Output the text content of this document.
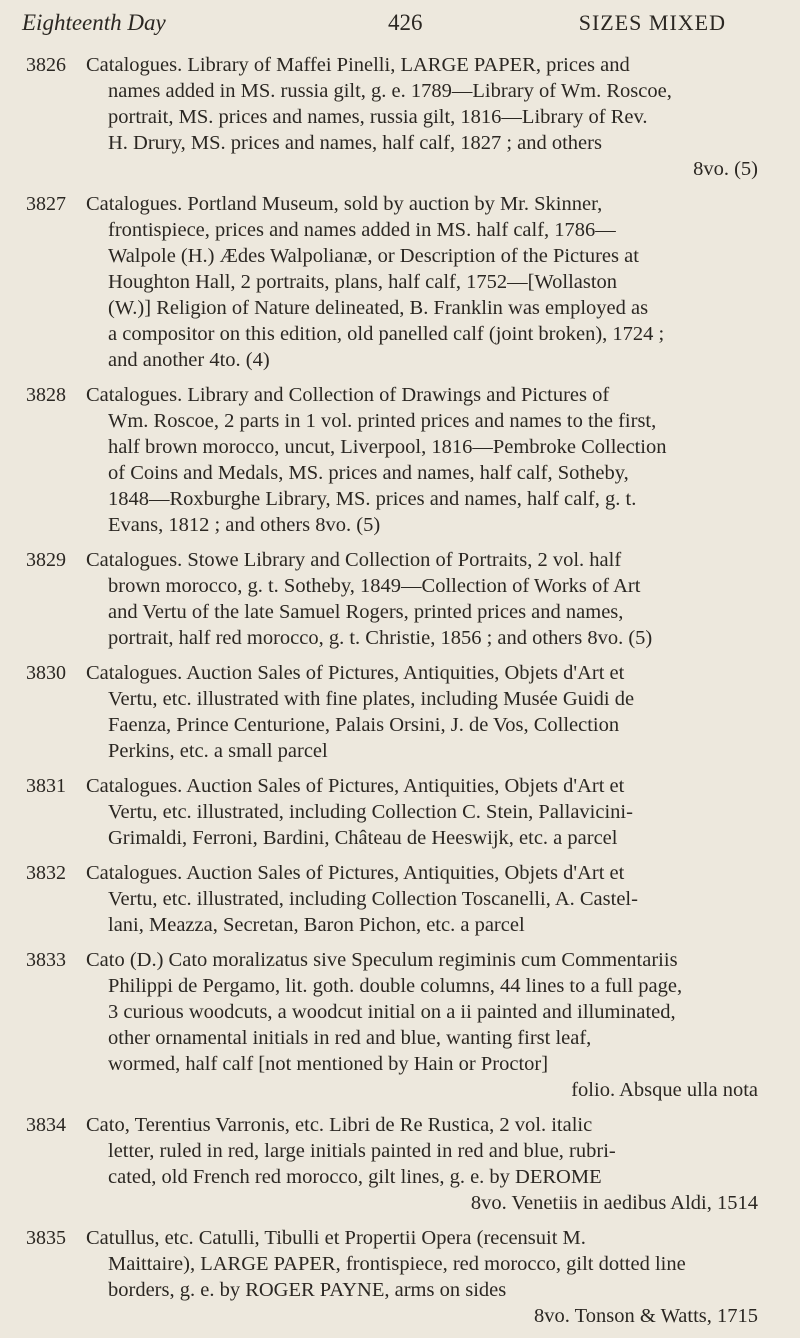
Eighteenth Day	426	SIZES MIXED
3826 Catalogues. Library of Maffei Pinelli, LARGE PAPER, prices and
names added in MS. russia gilt, g. e. 1789—Library of Wm. Roscoe,
portrait, MS. prices and names, russia gilt, 1816—Library of Rev.
H. Drury, MS. prices and names, half calf, 1827 ; and others
8vo. (5)
3827 Catalogues. Portland Museum, sold by auction by Mr. Skinner,
frontispiece, prices and names added in MS. half calf, 1786—
Walpole (H.) Ædes Walpolianæ, or Description of the Pictures at
Houghton Hall, 2 portraits, plans, half calf, 1752—[Wollaston
(W.)] Religion of Nature delineated, B. Franklin was employed as
a compositor on this edition, old panelled calf (joint broken), 1724 ;
and another 4to. (4)
3828 Catalogues. Library and Collection of Drawings and Pictures of
Wm. Roscoe, 2 parts in 1 vol. printed prices and names to the first,
half brown morocco, uncut, Liverpool, 1816—Pembroke Collection
of Coins and Medals, MS. prices and names, half calf, Sotheby,
1848—Roxburghe Library, MS. prices and names, half calf, g. t.
Evans, 1812 ; and others 8vo. (5)
3829 Catalogues. Stowe Library and Collection of Portraits, 2 vol. half
brown morocco, g. t. Sotheby, 1849—Collection of Works of Art
and Vertu of the late Samuel Rogers, printed prices and names,
portrait, half red morocco, g. t. Christie, 1856 ; and others 8vo. (5)
3830 Catalogues. Auction Sales of Pictures, Antiquities, Objets d'Art et
Vertu, etc. illustrated with fine plates, including Musée Guidi de
Faenza, Prince Centurione, Palais Orsini, J. de Vos, Collection
Perkins, etc. a small parcel
3831 Catalogues. Auction Sales of Pictures, Antiquities, Objets d'Art et
Vertu, etc. illustrated, including Collection C. Stein, Pallavicini-
Grimaldi, Ferroni, Bardini, Château de Heeswijk, etc. a parcel
3832 Catalogues. Auction Sales of Pictures, Antiquities, Objets d'Art et
Vertu, etc. illustrated, including Collection Toscanelli, A. Castel-
lani, Meazza, Secretan, Baron Pichon, etc. a parcel
3833 Cato (D.) Cato moralizatus sive Speculum regiminis cum Commentariis
Philippi de Pergamo, lit. goth. double columns, 44 lines to a full page,
3 curious woodcuts, a woodcut initial on a ii painted and illuminated,
other ornamental initials in red and blue, wanting first leaf,
wormed, half calf [not mentioned by Hain or Proctor]
folio. Absque ulla nota
3834 Cato, Terentius Varronis, etc. Libri de Re Rustica, 2 vol. italic
letter, ruled in red, large initials painted in red and blue, rubri-
cated, old French red morocco, gilt lines, g. e. by DEROME
8vo. Venetiis in aedibus Aldi, 1514
3835 Catullus, etc. Catulli, Tibulli et Propertii Opera (recensuit M.
Maittaire), LARGE PAPER, frontispiece, red morocco, gilt dotted line
borders, g. e. by ROGER PAYNE, arms on sides
8vo. Tonson & Watts, 1715
